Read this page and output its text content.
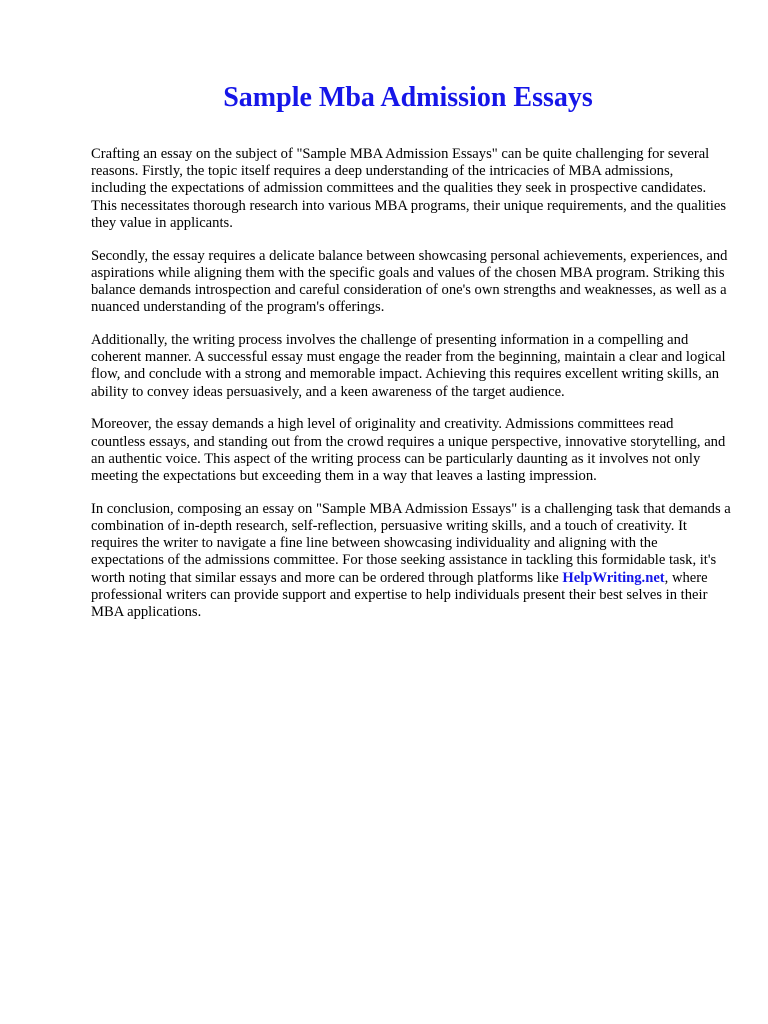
Sample Mba Admission Essays

Crafting an essay on the subject of "Sample MBA Admission Essays" can be quite challenging for several reasons. Firstly, the topic itself requires a deep understanding of the intricacies of MBA admissions, including the expectations of admission committees and the qualities they seek in prospective candidates. This necessitates thorough research into various MBA programs, their unique requirements, and the qualities they value in applicants.

Secondly, the essay requires a delicate balance between showcasing personal achievements, experiences, and aspirations while aligning them with the specific goals and values of the chosen MBA program. Striking this balance demands introspection and careful consideration of one's own strengths and weaknesses, as well as a nuanced understanding of the program's offerings.

Additionally, the writing process involves the challenge of presenting information in a compelling and coherent manner. A successful essay must engage the reader from the beginning, maintain a clear and logical flow, and conclude with a strong and memorable impact. Achieving this requires excellent writing skills, an ability to convey ideas persuasively, and a keen awareness of the target audience.

Moreover, the essay demands a high level of originality and creativity. Admissions committees read countless essays, and standing out from the crowd requires a unique perspective, innovative storytelling, and an authentic voice. This aspect of the writing process can be particularly daunting as it involves not only meeting the expectations but exceeding them in a way that leaves a lasting impression.

In conclusion, composing an essay on "Sample MBA Admission Essays" is a challenging task that demands a combination of in-depth research, self-reflection, persuasive writing skills, and a touch of creativity. It requires the writer to navigate a fine line between showcasing individuality and aligning with the expectations of the admissions committee. For those seeking assistance in tackling this formidable task, it's worth noting that similar essays and more can be ordered through platforms like HelpWriting.net, where professional writers can provide support and expertise to help individuals present their best selves in their MBA applications.
